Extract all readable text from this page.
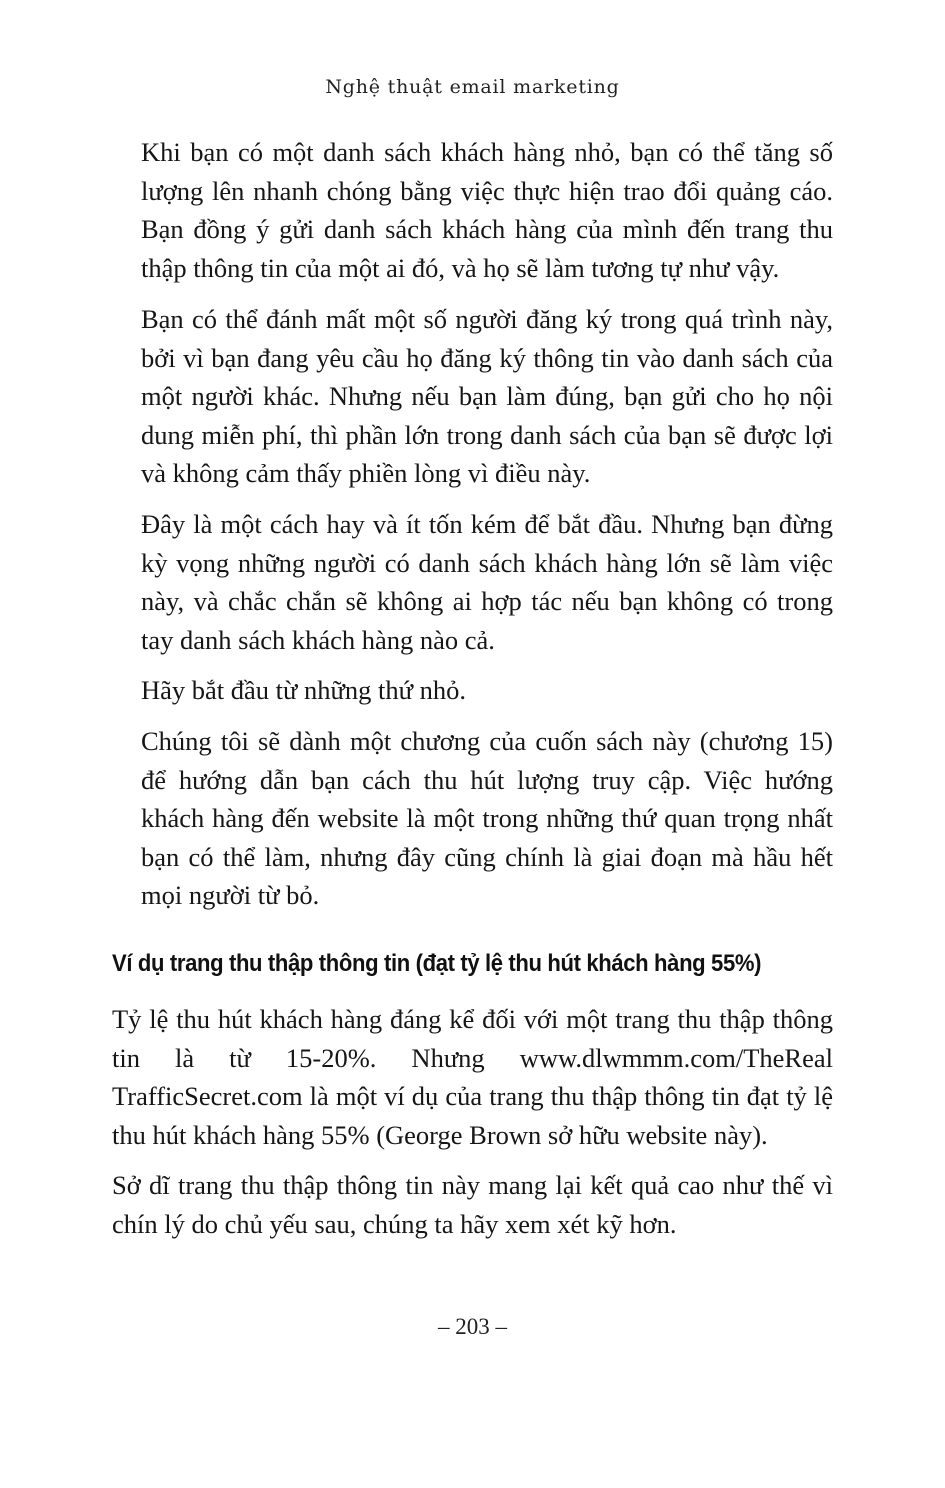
Nghệ thuật email marketing

Khi bạn có một danh sách khách hàng nhỏ, bạn có thể tăng số lượng lên nhanh chóng bằng việc thực hiện trao đổi quảng cáo. Bạn đồng ý gửi danh sách khách hàng của mình đến trang thu thập thông tin của một ai đó, và họ sẽ làm tương tự như vậy.

Bạn có thể đánh mất một số người đăng ký trong quá trình này, bởi vì bạn đang yêu cầu họ đăng ký thông tin vào danh sách của một người khác. Nhưng nếu bạn làm đúng, bạn gửi cho họ nội dung miễn phí, thì phần lớn trong danh sách của bạn sẽ được lợi và không cảm thấy phiền lòng vì điều này.

Đây là một cách hay và ít tốn kém để bắt đầu. Nhưng bạn đừng kỳ vọng những người có danh sách khách hàng lớn sẽ làm việc này, và chắc chắn sẽ không ai hợp tác nếu bạn không có trong tay danh sách khách hàng nào cả.

Hãy bắt đầu từ những thứ nhỏ.

Chúng tôi sẽ dành một chương của cuốn sách này (chương 15) để hướng dẫn bạn cách thu hút lượng truy cập. Việc hướng khách hàng đến website là một trong những thứ quan trọng nhất bạn có thể làm, nhưng đây cũng chính là giai đoạn mà hầu hết mọi người từ bỏ.

Ví dụ trang thu thập thông tin (đạt tỷ lệ thu hút khách hàng 55%)

Tỷ lệ thu hút khách hàng đáng kể đối với một trang thu thập thông tin là từ 15-20%. Nhưng www.dlwmmm.com/TheReal TrafficSecret.com là một ví dụ của trang thu thập thông tin đạt tỷ lệ thu hút khách hàng 55% (George Brown sở hữu website này).

Sở dĩ trang thu thập thông tin này mang lại kết quả cao như thế vì chín lý do chủ yếu sau, chúng ta hãy xem xét kỹ hơn.

– 203 –
